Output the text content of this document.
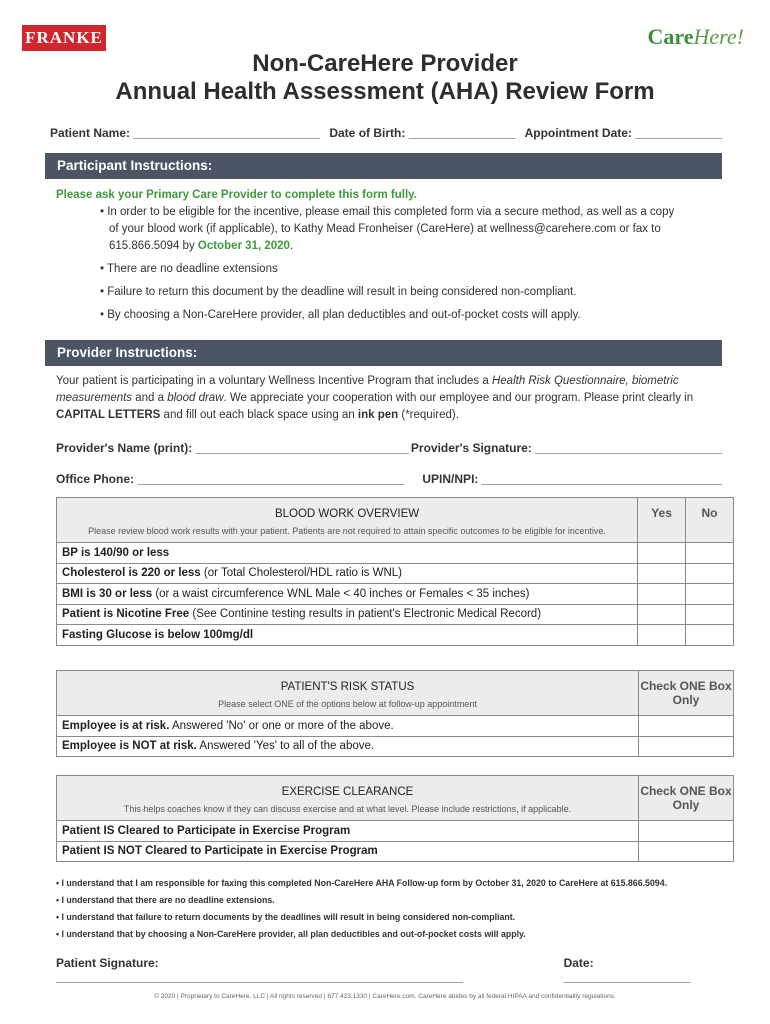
FRANKE	CareHere!
Non-CareHere Provider
Annual Health Assessment (AHA) Review Form
Patient Name: ____________________________ Date of Birth: ________________ Appointment Date: _____________
Participant Instructions:
Please ask your Primary Care Provider to complete this form fully.
• In order to be eligible for the incentive, please email this completed form via a secure method, as well as a copy
of your blood work (if applicable), to Kathy Mead Fronheiser (CareHere) at wellness@carehere.com or fax to
615.866.5094 by October 31, 2020.
• There are no deadline extensions
• Failure to return this document by the deadline will result in being considered non-compliant.
• By choosing a Non-CareHere provider, all plan deductibles and out-of-pocket costs will apply.
Provider Instructions:
Your patient is participating in a voluntary Wellness Incentive Program that includes a Health Risk Questionnaire, biometric measurements and a blood draw. We appreciate your cooperation with our employee and our program. Please print clearly in CAPITAL LETTERS and fill out each black space using an ink pen (*required).
Provider's Name (print): ________________________________ Provider's Signature: ____________________________
Office Phone: ________________________________________ UPIN/NPI: ____________________________________
BLOOD WORK OVERVIEW
Please review blood work results with your patient. Patients are not required to attain specific outcomes to be eligible for incentive.	Yes	No
BP is 140/90 or less		
Cholesterol is 220 or less (or Total Cholesterol/HDL ratio is WNL)		
BMI is 30 or less (or a waist circumference WNL Male < 40 inches or Females < 35 inches)		
Patient is Nicotine Free (See Continine testing results in patient's Electronic Medical Record)		
Fasting Glucose is below 100mg/dl		
PATIENT'S RISK STATUS
Please select ONE of the options below at follow-up appointment	Check ONE Box Only
Employee is at risk. Answered 'No' or one or more of the above.	
Employee is NOT at risk. Answered 'Yes' to all of the above.	
EXERCISE CLEARANCE
This helps coaches know if they can discuss exercise and at what level. Please include restrictions, if applicable.	Check ONE Box Only
Patient IS Cleared to Participate in Exercise Program	
Patient IS NOT Cleared to Participate in Exercise Program	
• I understand that I am responsible for faxing this completed Non-CareHere AHA Follow-up form by October 31, 2020 to CareHere at 615.866.5094.
• I understand that there are no deadline extensions.
• I understand that failure to return documents by the deadlines will result in being considered non-compliant.
• I understand that by choosing a Non-CareHere provider, all plan deductibles and out-of-pocket costs will apply.
Patient Signature: _____________________________________________________________
Date: ___________________
© 2020 | Proprietary to CareHere, LLC | All rights reserved | 877.423.1330 | CareHere.com. CareHere abides by all federal HIPAA and confidentiality regulations.
